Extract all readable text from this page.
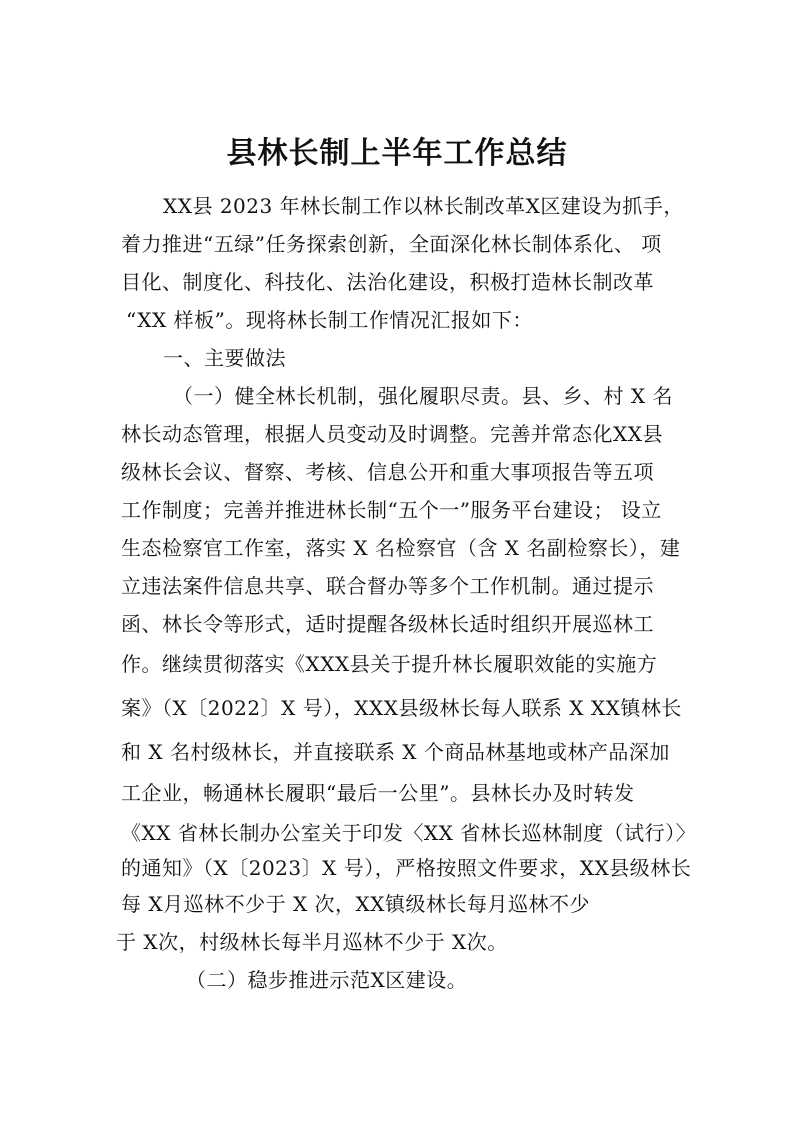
县林长制上半年工作总结
XX县 2023 年林长制工作以林长制改革X区建设为抓手，
着力推进“五绿”任务探索创新，全面深化林长制体系化、 项
目化、制度化、科技化、法治化建设，积极打造林长制改革
“XX 样板”。现将林长制工作情况汇报如下：
一、主要做法
（一）健全林长机制，强化履职尽责。县、乡、村 X 名
林长动态管理，根据人员变动及时调整。完善并常态化XX县
级林长会议、督察、考核、信息公开和重大事项报告等五项
工作制度；完善并推进林长制“五个一”服务平台建设； 设立
生态检察官工作室，落实 X 名检察官（含 X 名副检察长），建
立违法案件信息共享、联合督办等多个工作机制。通过提示
函、林长令等形式，适时提醒各级林长适时组织开展巡林工
作。继续贯彻落实《XXX县关于提升林长履职效能的实施方
案》（X〔2022〕X 号），XXX县级林长每人联系 X XX镇林长
和 X 名村级林长，并直接联系 X 个商品林基地或林产品深加
工企业，畅通林长履职“最后一公里”。县林长办及时转发
《XX 省林长制办公室关于印发〈XX 省林长巡林制度（试行）〉
的通知》（X〔2023〕X 号），严格按照文件要求，XX县级林长
每 X月巡林不少于 X 次，XX镇级林长每月巡林不少
于 X次，村级林长每半月巡林不少于 X次。
（二）稳步推进示范X区建设。
